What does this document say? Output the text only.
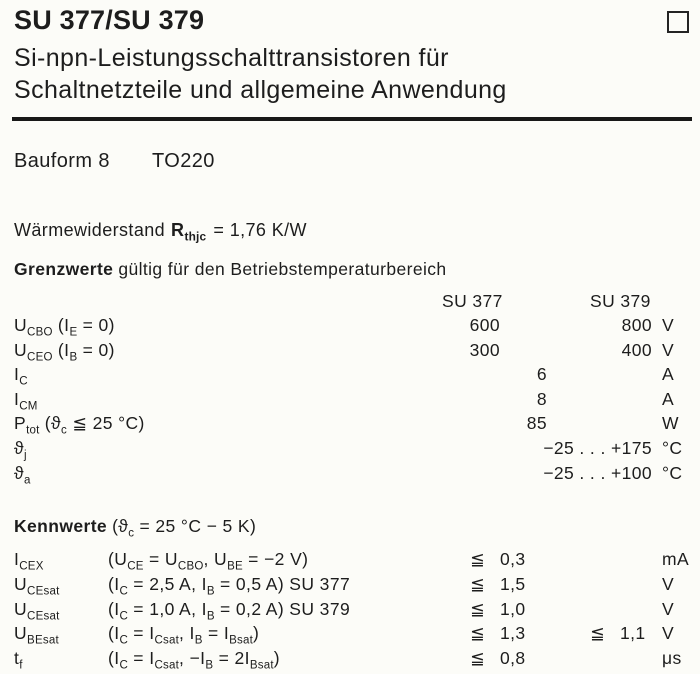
SU 377/SU 379
Si-npn-Leistungsschalttransistoren für
Schaltnetzteile und allgemeine Anwendung
Bauform 8 TO220
Wärmewiderstand $R_{thjc} = 1,76$ K/W
Grenzwerte gültig für den Betriebstemperaturbereich
SU 377	SU 379
$U_{CBO}$ $(I_E = 0)$	600	800 V
$U_{CEO}$ $(I_B = 0)$	300	400 V
$I_C$	6	A
$I_{CM}$	8	A
$P_{tot}$ ($ϑ_c$ ≦ 25 °C)	85	W
$ϑ_j$	−25 . . . +175 °C
$ϑ_a$	−25 . . . +100 °C
Kennwerte ($ϑ_c = 25$ °C − 5 K)
$I_{CEX}$	($U_{CE} = U_{CBO}$, $U_{BE} = -2$ V)	≦ 0,3	mA
$U_{CEsat}$	($I_C = 2,5$ A, $I_B = 0,5$ A) SU 377	≦ 1,5	V
$U_{CEsat}$	($I_C = 1,0$ A, $I_B = 0,2$ A) SU 379	≦ 1,0	V
$U_{BEsat}$	($I_C = I_{Csat}$, $I_B = I_{Bsat}$)	≦ 1,3	≦ 1,1 V
$t_f$	($I_C = I_{Csat}$, $-I_B = 2I_{Bsat}$)	≦ 0,8	μs
